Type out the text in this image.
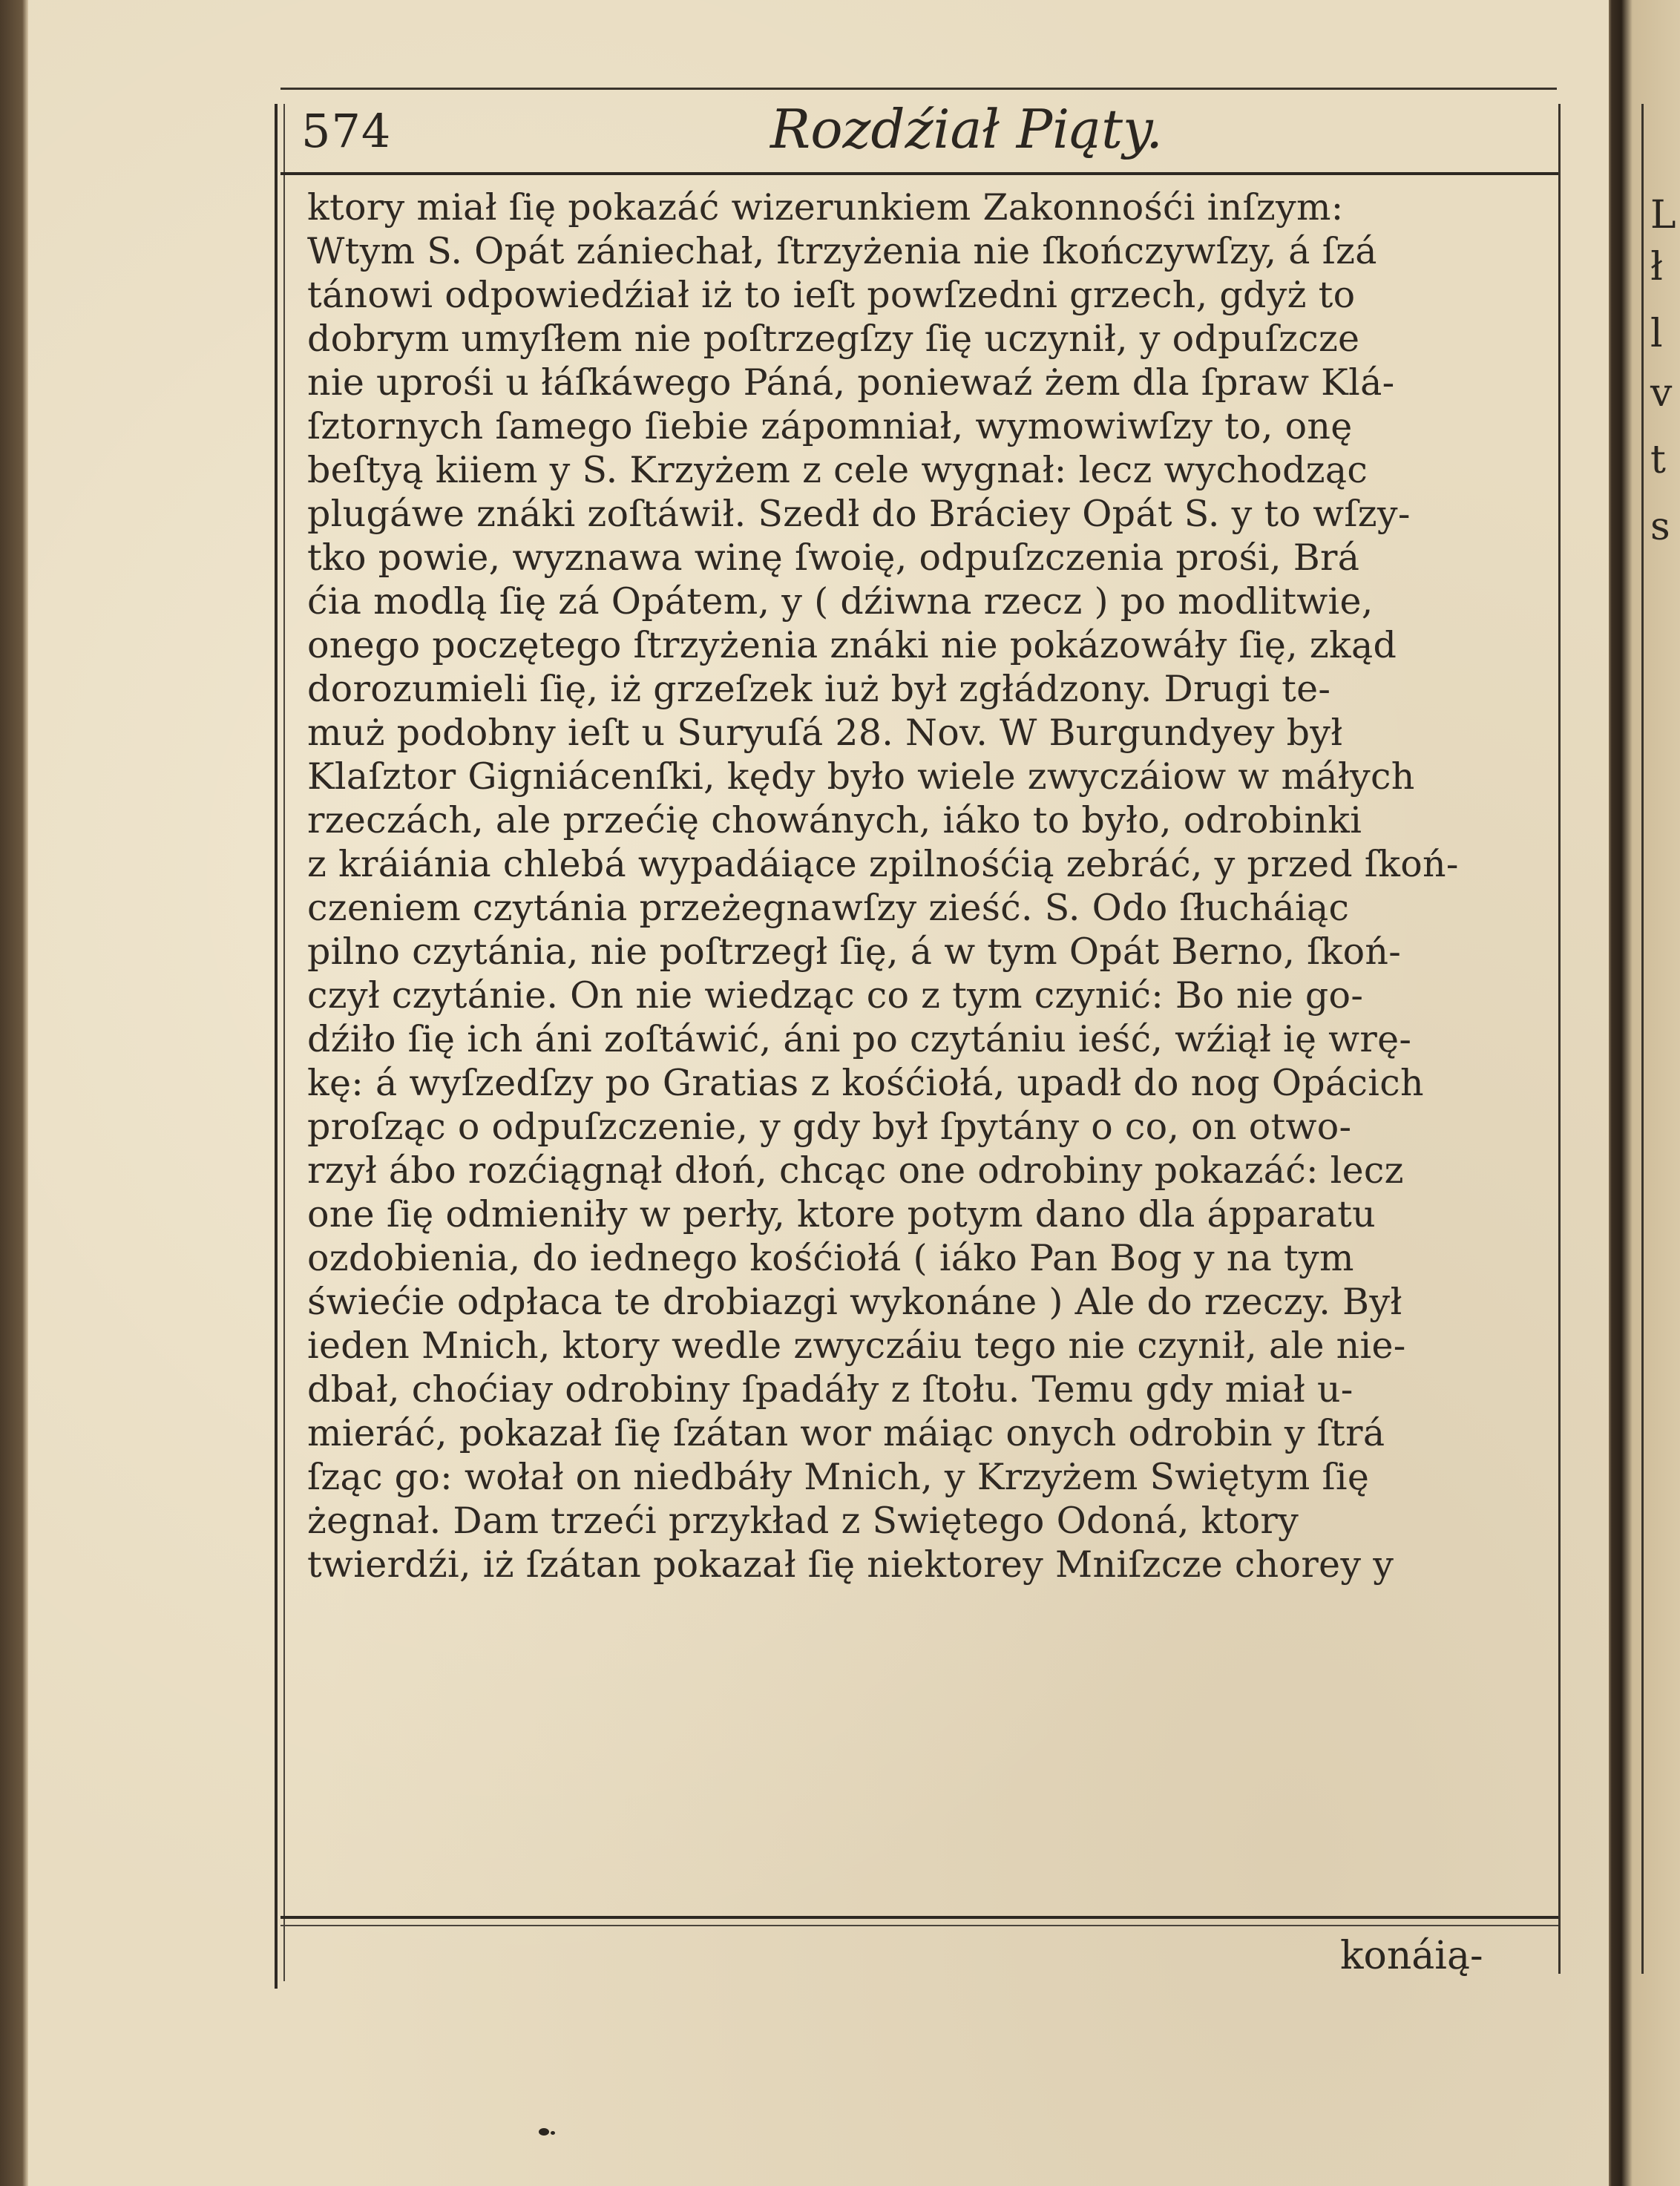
574	Rozdźiał Piąty.
ktory miał ſię pokazáć wizerunkiem Zakonnośći inſzym:
Wtym S. Opát zániechał, ſtrzyżenia nie ſkończywſzy, á ſzá
tánowi odpowiedźiał iż to ieſt powſzedni grzech, gdyż to
dobrym umyſłem nie poſtrzegſzy ſię uczynił, y odpuſzcze
nie uprośi u łáſkáwego Páná, poniewaź żem dla ſpraw Klá-
ſztornych ſamego ſiebie zápomniał, wymowiwſzy to, onę
beſtyą kiiem y S. Krzyżem z cele wygnał: lecz wychodząc
plugáwe znáki zoſtáwił. Szedł do Bráciey Opát S. y to wſzy-
tko powie, wyznawa winę ſwoię, odpuſzczenia prośi, Brá
ćia modlą ſię zá Opátem, y ( dźiwna rzecz ) po modlitwie,
onego poczętego ſtrzyżenia znáki nie pokázowáły ſię, zkąd
dorozumieli ſię, iż grzeſzek iuż był zgłádzony. Drugi te-
muż podobny ieſt u Suryuſá 28. Nov. W Burgundyey był
Klaſztor Gigniácenſki, kędy było wiele zwyczáiow w máłych
rzeczách, ale przećię chowánych, iáko to było, odrobinki
z kráiánia chlebá wypadáiące zpilnośćią zebráć, y przed ſkoń-
czeniem czytánia przeżegnawſzy zieść. S. Odo ſłucháiąc
pilno czytánia, nie poſtrzegł ſię, á w tym Opát Berno, ſkoń-
czył czytánie. On nie wiedząc co z tym czynić: Bo nie go-
dźiło ſię ich áni zoſtáwić, áni po czytániu ieść, wźiął ię wrę-
kę: á wyſzedſzy po Gratias z kośćiołá, upadł do nog Opácich
proſząc o odpuſzczenie, y gdy był ſpytány o co, on otwo-
rzył ábo rozćiągnął dłoń, chcąc one odrobiny pokazáć: lecz
one ſię odmieniły w perły, ktore potym dano dla ápparatu
ozdobienia, do iednego kośćiołá ( iáko Pan Bog y na tym
świećie odpłaca te drobiazgi wykonáne ) Ale do rzeczy. Był
ieden Mnich, ktory wedle zwyczáiu tego nie czynił, ale nie-
dbał, choćiay odrobiny ſpadáły z ſtołu. Temu gdy miał u-
mieráć, pokazał ſię ſzátan wor máiąc onych odrobin y ſtrá
ſząc go: wołał on niedbáły Mnich, y Krzyżem Swiętym ſię
żegnał. Dam trzeći przykład z Swiętego Odoná, ktory
twierdźi, iż ſzátan pokazał ſię niektorey Mniſzcze chorey y
konáią-
L
ł
l
v
t
s
